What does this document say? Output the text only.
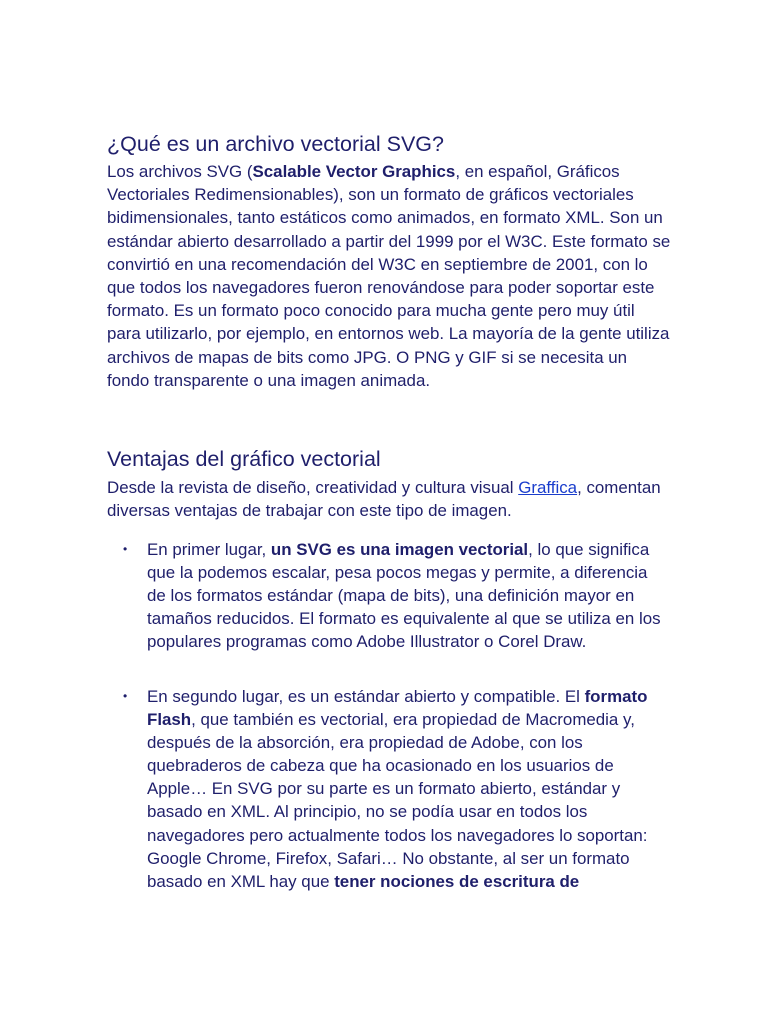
¿Qué es un archivo vectorial SVG?

Los archivos SVG (Scalable Vector Graphics, en español, Gráficos Vectoriales Redimensionables), son un formato de gráficos vectoriales bidimensionales, tanto estáticos como animados, en formato XML. Son un estándar abierto desarrollado a partir del 1999 por el W3C. Este formato se convirtió en una recomendación del W3C en septiembre de 2001, con lo que todos los navegadores fueron renovándose para poder soportar este formato. Es un formato poco conocido para mucha gente pero muy útil para utilizarlo, por ejemplo, en entornos web. La mayoría de la gente utiliza archivos de mapas de bits como JPG. O PNG y GIF si se necesita un fondo transparente o una imagen animada.

Ventajas del gráfico vectorial

Desde la revista de diseño, creatividad y cultura visual Graffica, comentan diversas ventajas de trabajar con este tipo de imagen.

• En primer lugar, un SVG es una imagen vectorial, lo que significa que la podemos escalar, pesa pocos megas y permite, a diferencia de los formatos estándar (mapa de bits), una definición mayor en tamaños reducidos. El formato es equivalente al que se utiliza en los populares programas como Adobe Illustrator o Corel Draw.
• En segundo lugar, es un estándar abierto y compatible. El formato Flash, que también es vectorial, era propiedad de Macromedia y, después de la absorción, era propiedad de Adobe, con los quebraderos de cabeza que ha ocasionado en los usuarios de Apple… En SVG por su parte es un formato abierto, estándar y basado en XML. Al principio, no se podía usar en todos los navegadores pero actualmente todos los navegadores lo soportan: Google Chrome, Firefox, Safari… No obstante, al ser un formato basado en XML hay que tener nociones de escritura de
